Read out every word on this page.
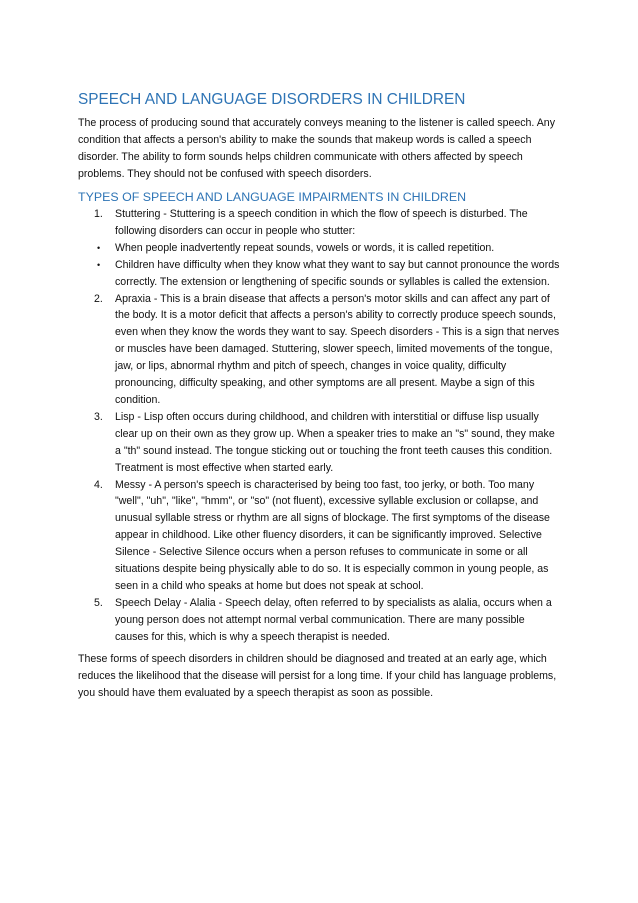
SPEECH AND LANGUAGE DISORDERS IN CHILDREN

The process of producing sound that accurately conveys meaning to the listener is called speech. Any condition that affects a person's ability to make the sounds that makeup words is called a speech disorder. The ability to form sounds helps children communicate with others affected by speech problems. They should not be confused with speech disorders.

TYPES OF SPEECH AND LANGUAGE IMPAIRMENTS IN CHILDREN
1. Stuttering - Stuttering is a speech condition in which the flow of speech is disturbed. The following disorders can occur in people who stutter:
• When people inadvertently repeat sounds, vowels or words, it is called repetition.
• Children have difficulty when they know what they want to say but cannot pronounce the words correctly. The extension or lengthening of specific sounds or syllables is called the extension.
2. Apraxia - This is a brain disease that affects a person's motor skills and can affect any part of the body. It is a motor deficit that affects a person's ability to correctly produce speech sounds, even when they know the words they want to say. Speech disorders - This is a sign that nerves or muscles have been damaged. Stuttering, slower speech, limited movements of the tongue, jaw, or lips, abnormal rhythm and pitch of speech, changes in voice quality, difficulty pronouncing, difficulty speaking, and other symptoms are all present. Maybe a sign of this condition.
3. Lisp - Lisp often occurs during childhood, and children with interstitial or diffuse lisp usually clear up on their own as they grow up. When a speaker tries to make an "s" sound, they make a "th" sound instead. The tongue sticking out or touching the front teeth causes this condition. Treatment is most effective when started early.
4. Messy - A person's speech is characterised by being too fast, too jerky, or both. Too many "well", "uh", "like", "hmm", or "so" (not fluent), excessive syllable exclusion or collapse, and unusual syllable stress or rhythm are all signs of blockage. The first symptoms of the disease appear in childhood. Like other fluency disorders, it can be significantly improved. Selective Silence - Selective Silence occurs when a person refuses to communicate in some or all situations despite being physically able to do so. It is especially common in young people, as seen in a child who speaks at home but does not speak at school.
5. Speech Delay - Alalia - Speech delay, often referred to by specialists as alalia, occurs when a young person does not attempt normal verbal communication. There are many possible causes for this, which is why a speech therapist is needed.

These forms of speech disorders in children should be diagnosed and treated at an early age, which reduces the likelihood that the disease will persist for a long time. If your child has language problems, you should have them evaluated by a speech therapist as soon as possible.
